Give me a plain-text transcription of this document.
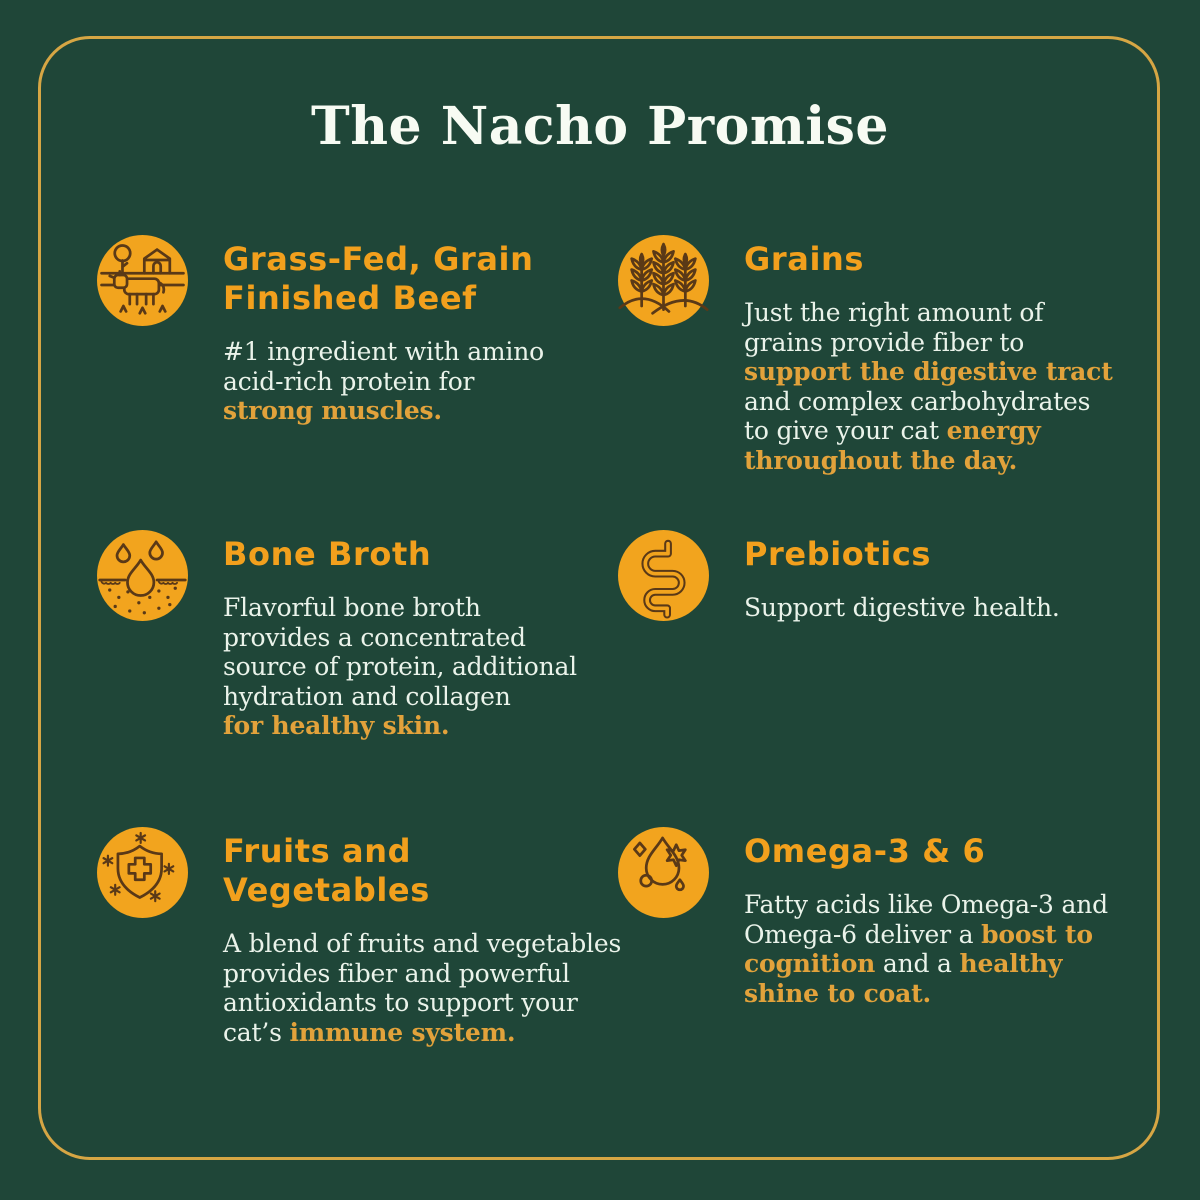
The Nacho Promise
Grass-Fed, Grain Finished Beef

#1 ingredient with amino
acid-rich protein for
strong muscles.

Grains

Just the right amount of
grains provide fiber to
support the digestive tract
and complex carbohydrates
to give your cat energy
throughout the day.

Bone Broth

Flavorful bone broth
provides a concentrated
source of protein, additional
hydration and collagen
for healthy skin.

Prebiotics

Support digestive health.

Fruits and Vegetables

A blend of fruits and vegetables
provides fiber and powerful
antioxidants to support your
cat’s immune system.

Omega-3 & 6

Fatty acids like Omega-3 and
Omega-6 deliver a boost to
cognition and a healthy
shine to coat.
